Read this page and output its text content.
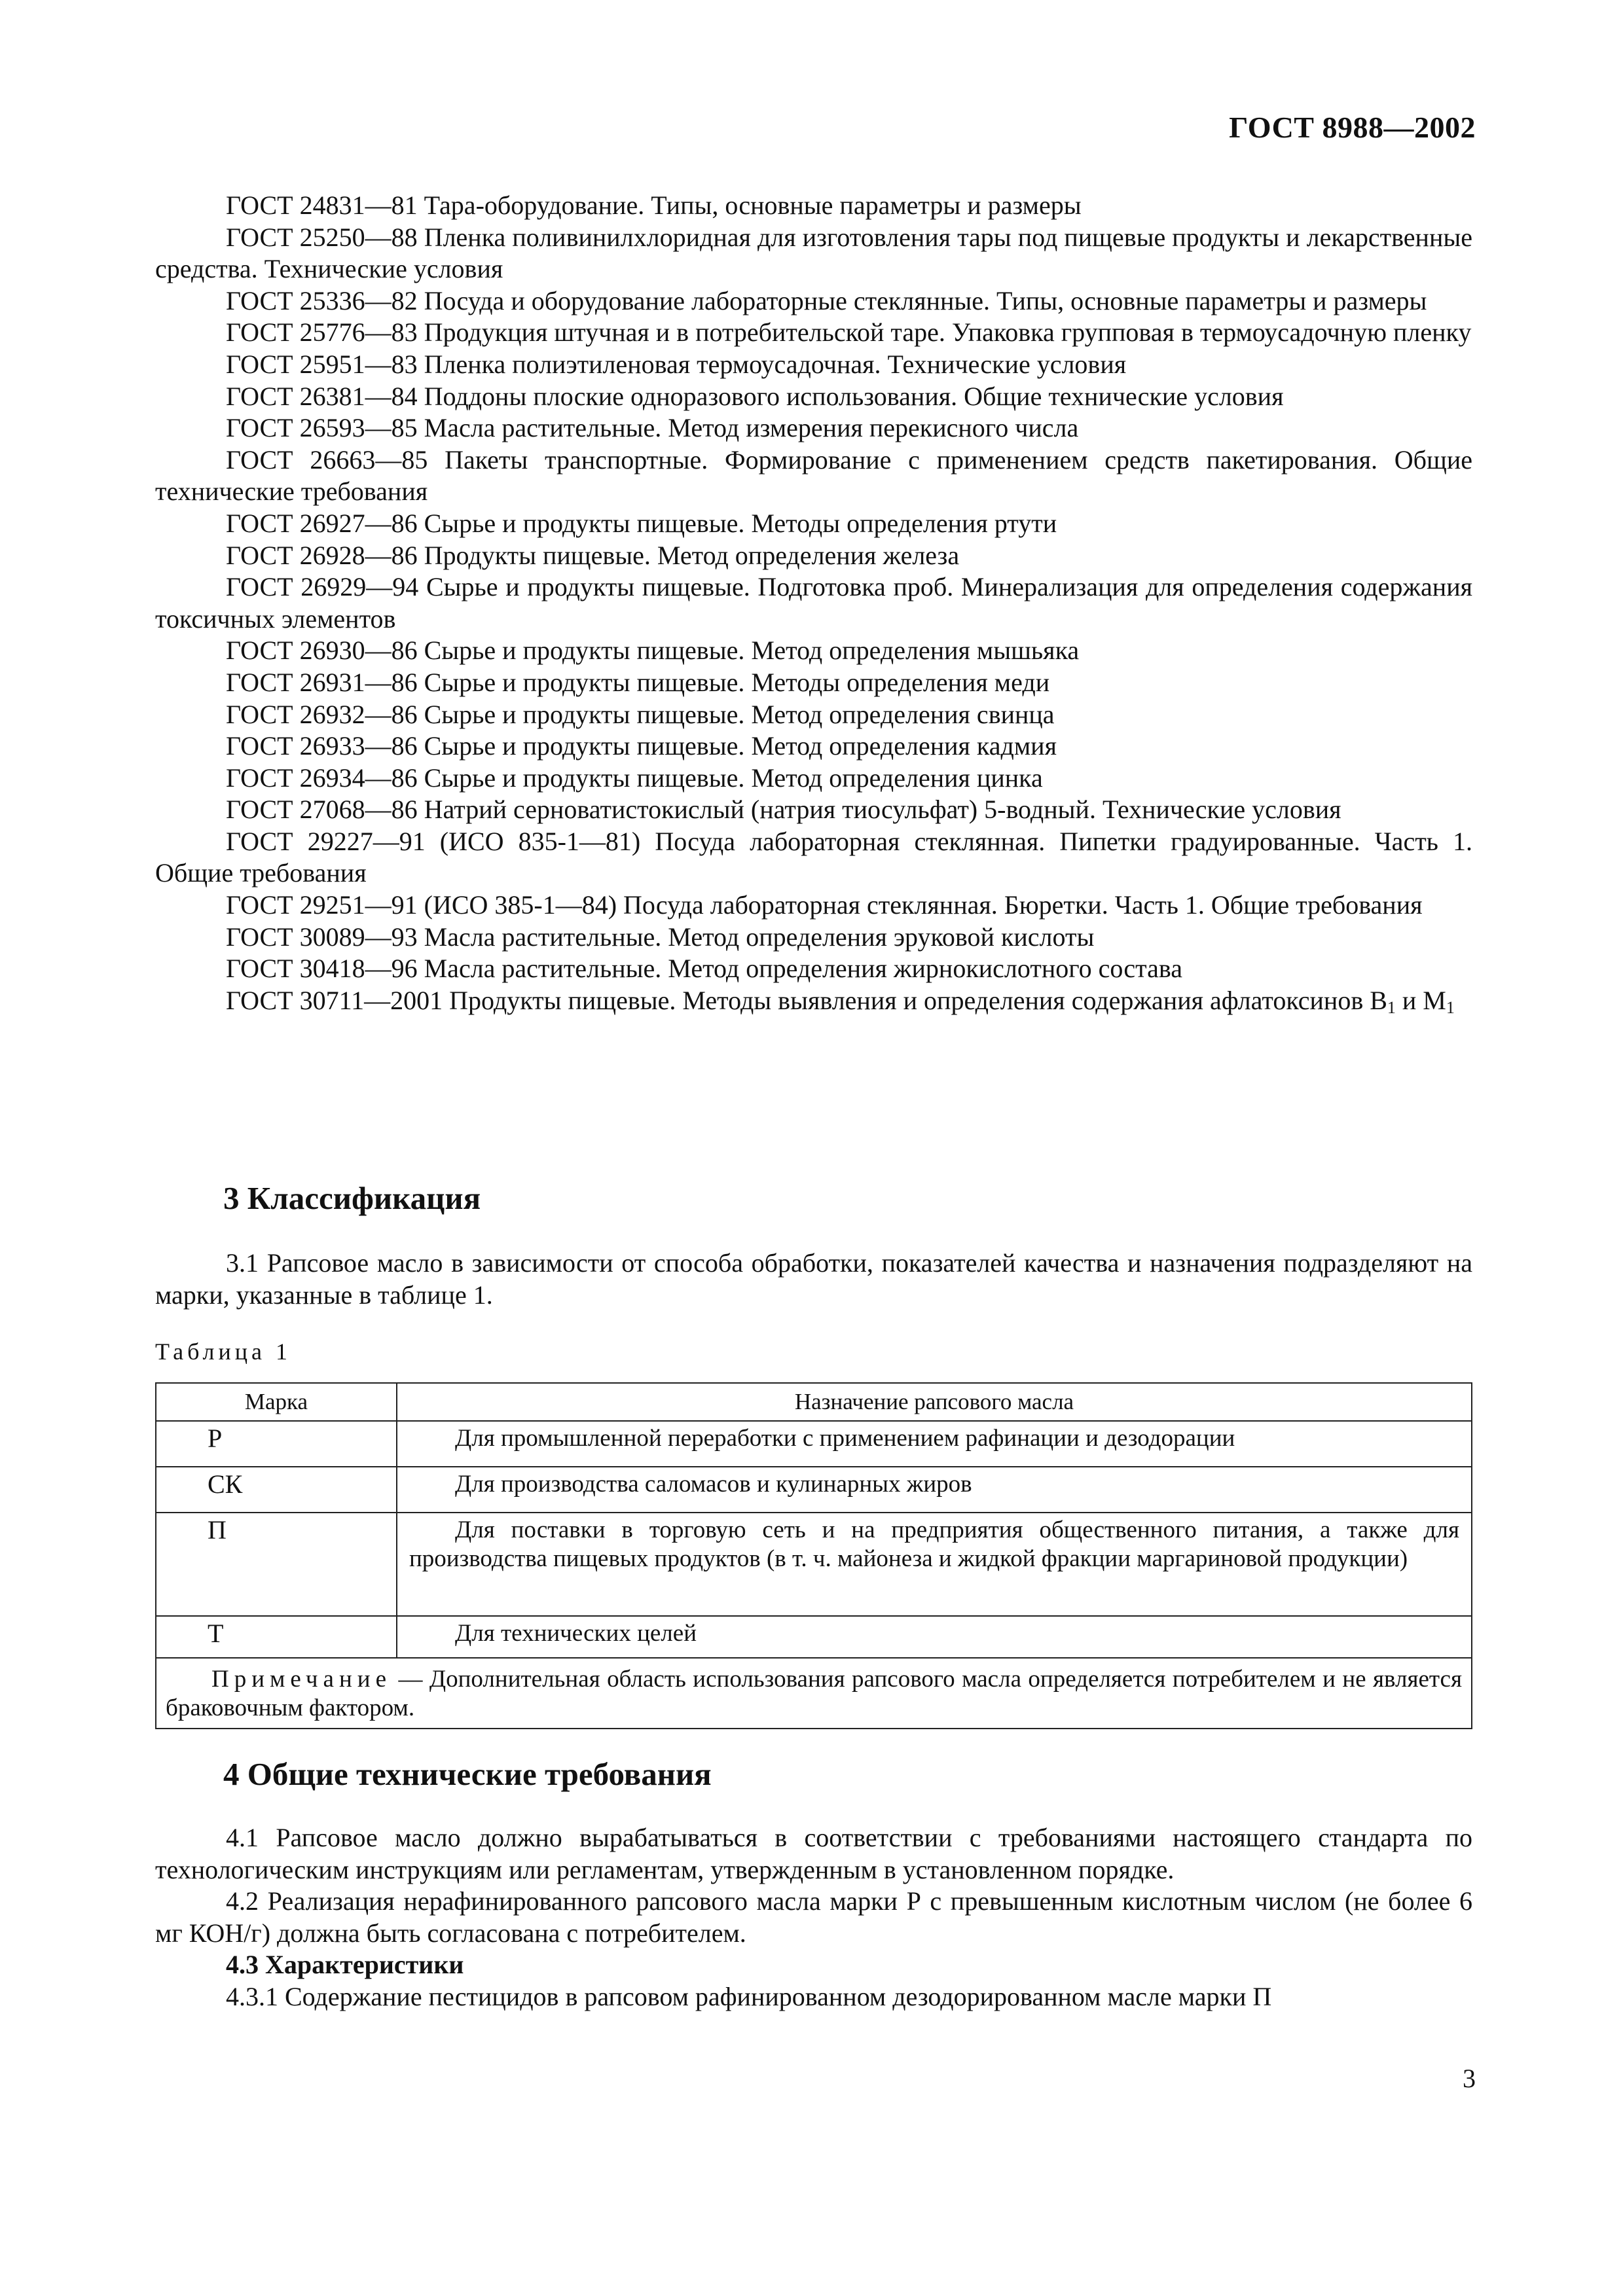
ГОСТ 8988—2002

ГОСТ 24831—81 Тара-оборудование. Типы, основные параметры и размеры

ГОСТ 25250—88 Пленка поливинилхлоридная для изготовления тары под пищевые продукты и лекарственные средства. Технические условия

ГОСТ 25336—82 Посуда и оборудование лабораторные стеклянные. Типы, основные параметры и размеры

ГОСТ 25776—83 Продукция штучная и в потребительской таре. Упаковка групповая в термоусадочную пленку

ГОСТ 25951—83 Пленка полиэтиленовая термоусадочная. Технические условия

ГОСТ 26381—84 Поддоны плоские одноразового использования. Общие технические условия

ГОСТ 26593—85 Масла растительные. Метод измерения перекисного числа

ГОСТ 26663—85 Пакеты транспортные. Формирование с применением средств пакетирования. Общие технические требования

ГОСТ 26927—86 Сырье и продукты пищевые. Методы определения ртути

ГОСТ 26928—86 Продукты пищевые. Метод определения железа

ГОСТ 26929—94 Сырье и продукты пищевые. Подготовка проб. Минерализация для определения содержания токсичных элементов

ГОСТ 26930—86 Сырье и продукты пищевые. Метод определения мышьяка

ГОСТ 26931—86 Сырье и продукты пищевые. Методы определения меди

ГОСТ 26932—86 Сырье и продукты пищевые. Метод определения свинца

ГОСТ 26933—86 Сырье и продукты пищевые. Метод определения кадмия

ГОСТ 26934—86 Сырье и продукты пищевые. Метод определения цинка

ГОСТ 27068—86 Натрий серноватистокислый (натрия тиосульфат) 5-водный. Технические условия

ГОСТ 29227—91 (ИСО 835-1—81) Посуда лабораторная стеклянная. Пипетки градуированные. Часть 1. Общие требования

ГОСТ 29251—91 (ИСО 385-1—84) Посуда лабораторная стеклянная. Бюретки. Часть 1. Общие требования

ГОСТ 30089—93 Масла растительные. Метод определения эруковой кислоты

ГОСТ 30418—96 Масла растительные. Метод определения жирнокислотного состава

ГОСТ 30711—2001 Продукты пищевые. Методы выявления и определения содержания афлатоксинов $B_1$ и $M_1$

3 Классификация

3.1 Рапсовое масло в зависимости от способа обработки, показателей качества и назначения подразделяют на марки, указанные в таблице 1.

Таблица 1
Марка	Назначение рапсового масла
Р	Для промышленной переработки с применением рафинации и дезодорации

СК	Для производства саломасов и кулинарных жиров

П	Для поставки в торговую сеть и на предприятия общественного питания, а также для производства пищевых продуктов (в т. ч. майонеза и жидкой фракции маргариновой продукции)

Т	Для технических целей

Примечание — Дополнительная область использования рапсового масла определяется потребителем и не является браковочным фактором.	
4 Общие технические требования

4.1 Рапсовое масло должно вырабатываться в соответствии с требованиями настоящего стандарта по технологическим инструкциям или регламентам, утвержденным в установленном порядке.

4.2 Реализация нерафинированного рапсового масла марки Р с превышенным кислотным числом (не более 6 мг КОН/г) должна быть согласована с потребителем.

4.3 Характеристики

4.3.1 Содержание пестицидов в рапсовом рафинированном дезодорированном масле марки П

3
